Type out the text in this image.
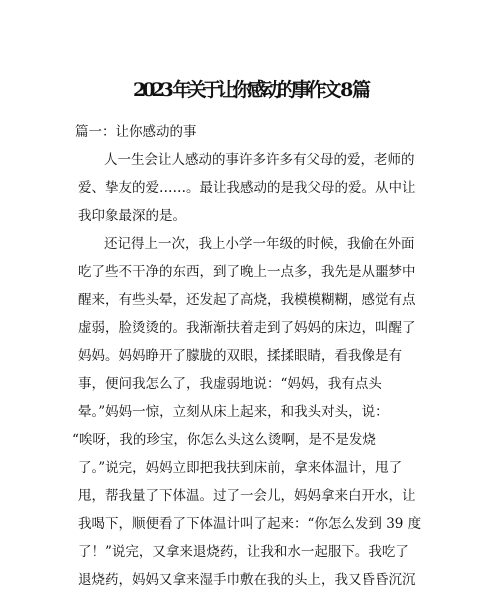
2023 年关于让你感动的事作文 8 篇
篇一：让你感动的事
人一生会让人感动的事许多许多有父母的爱，老师的
爱、挚友的爱……。最让我感动的是我父母的爱。从中让
我印象最深的是。
还记得上一次，我上小学一年级的时候，我偷在外面
吃了些不干净的东西，到了晚上一点多，我先是从噩梦中
醒来，有些头晕，还发起了高烧，我模模糊糊，感觉有点
虚弱，脸烫烫的。我渐渐扶着走到了妈妈的床边，叫醒了
妈妈。妈妈睁开了朦胧的双眼，揉揉眼睛，看我像是有
事，便问我怎么了，我虚弱地说：“妈妈，我有点头
晕。”妈妈一惊，立刻从床上起来，和我头对头，说：
“唉呀，我的珍宝，你怎么头这么烫啊，是不是发烧
了。”说完，妈妈立即把我扶到床前，拿来体温计，甩了
甩，帮我量了下体温。过了一会儿，妈妈拿来白开水，让
我喝下，顺便看了下体温计叫了起来：“你怎么发到 39 度
了！”说完，又拿来退烧药，让我和水一起服下。我吃了
退烧药，妈妈又拿来湿手巾敷在我的头上，我又昏昏沉沉
